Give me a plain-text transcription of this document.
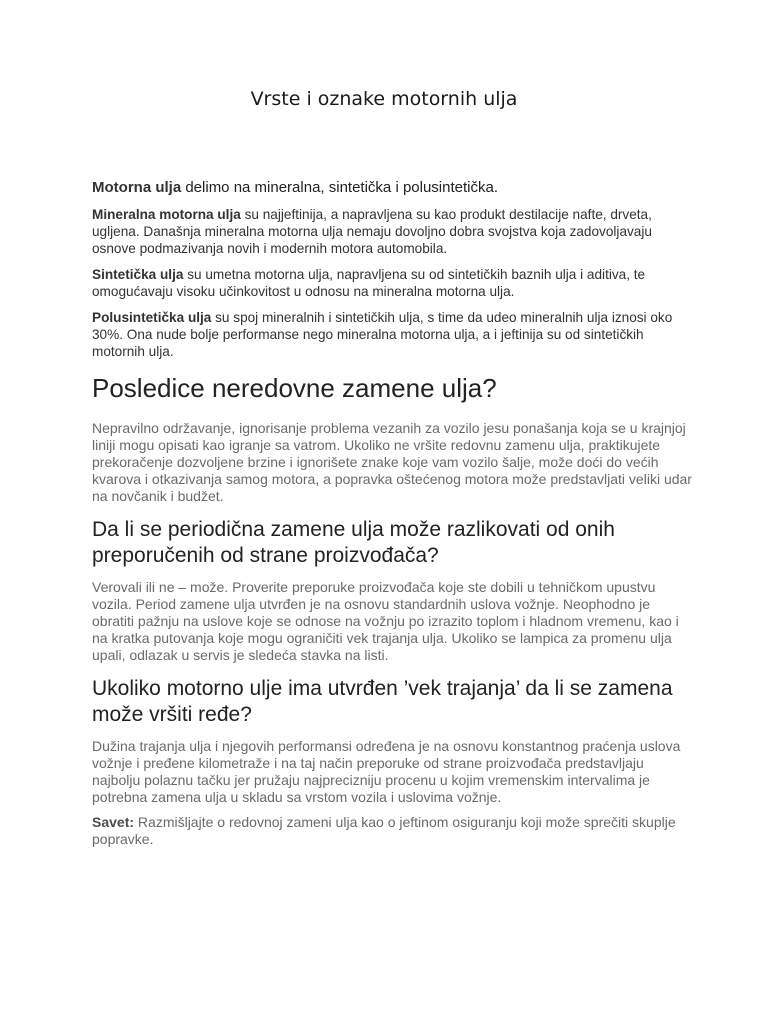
Vrste i oznake motornih ulja

Motorna ulja delimo na mineralna, sintetička i polusintetička.

Mineralna motorna ulja su najjeftinija, a napravljena su kao produkt destilacije nafte, drveta, ugljena. Današnja mineralna motorna ulja nemaju dovoljno dobra svojstva koja zadovoljavaju osnove podmazivanja novih i modernih motora automobila.

Sintetička ulja su umetna motorna ulja, napravljena su od sintetičkih baznih ulja i aditiva, te omogućavaju visoku učinkovitost u odnosu na mineralna motorna ulja.

Polusintetička ulja su spoj mineralnih i sintetičkih ulja, s time da udeo mineralnih ulja iznosi oko 30%. Ona nude bolje performanse nego mineralna motorna ulja, a i jeftinija su od sintetičkih motornih ulja.

Posledice neredovne zamene ulja?

Nepravilno održavanje, ignorisanje problema vezanih za vozilo jesu ponašanja koja se u krajnjoj liniji mogu opisati kao igranje sa vatrom. Ukoliko ne vršite redovnu zamenu ulja, praktikujete prekoračenje dozvoljene brzine i ignorišete znake koje vam vozilo šalje, može doći do većih kvarova i otkazivanja samog motora, a popravka oštećenog motora može predstavljati veliki udar na novčanik i budžet.

Da li se periodična zamene ulja može razlikovati od onih preporučenih od strane proizvođača?

Verovali ili ne – može. Proverite preporuke proizvođača koje ste dobili u tehničkom upustvu vozila. Period zamene ulja utvrđen je na osnovu standardnih uslova vožnje. Neophodno je obratiti pažnju na uslove koje se odnose na vožnju po izrazito toplom i hladnom vremenu, kao i na kratka putovanja koje mogu ograničiti vek trajanja ulja. Ukoliko se lampica za promenu ulja upali, odlazak u servis je sledeća stavka na listi.

Ukoliko motorno ulje ima utvrđen ’vek trajanja’ da li se zamena može vršiti ređe?

Dužina trajanja ulja i njegovih performansi određena je na osnovu konstantnog praćenja uslova vožnje i pređene kilometraže i na taj način preporuke od strane proizvođača predstavljaju najbolju polaznu tačku jer pružaju najprecizniju procenu u kojim vremenskim intervalima je potrebna zamena ulja u skladu sa vrstom vozila i uslovima vožnje.

Savet: Razmišljajte o redovnoj zameni ulja kao o jeftinom osiguranju koji može sprečiti skuplje popravke.
